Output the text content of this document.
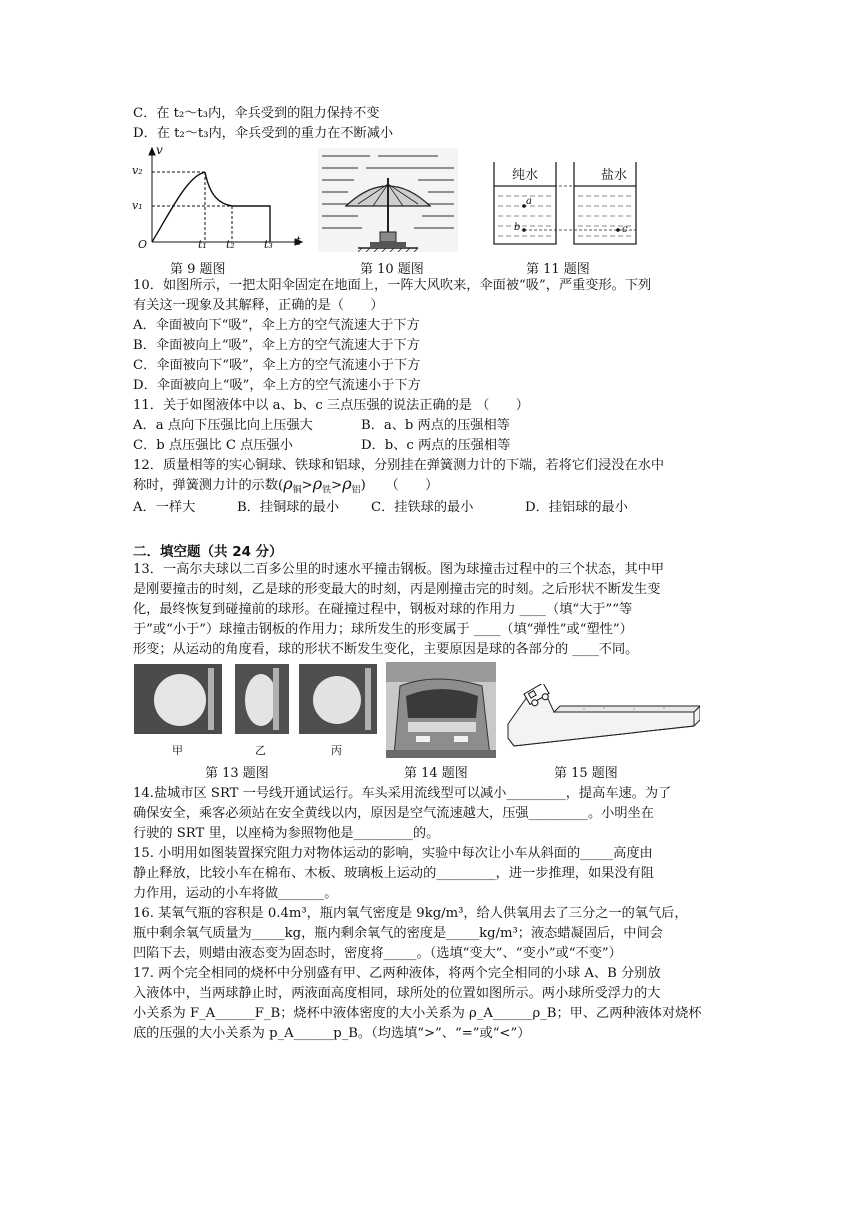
C．在 t₂～t₃内，伞兵受到的阻力保持不变
D．在 t₂～t₃内，伞兵受到的重力在不断减小
v
v₂
v₁
O	t₁ t₂	t₃ t
第 9 题图	第 10 题图
纯水	盐水
a
b	c
第 11 题图
10．如图所示，一把太阳伞固定在地面上，一阵大风吹来，伞面被“吸”，严重变形。下列
有关这一现象及其解释，正确的是（　　）
A．伞面被向下“吸”，伞上方的空气流速大于下方
B．伞面被向上“吸”，伞上方的空气流速大于下方
C．伞面被向下“吸”，伞上方的空气流速小于下方
D．伞面被向上“吸”，伞上方的空气流速小于下方
11．关于如图液体中以 a、b、c 三点压强的说法正确的是 （　　）
A．a 点向下压强比向上压强大	B．a、b 两点的压强相等
C．b 点压强比 C 点压强小	D．b、c 两点的压强相等
12．质量相等的实心铜球、铁球和铝球，分别挂在弹簧测力计的下端，若将它们浸没在水中
称时，弹簧测力计的示数$(\rho_铜>\rho_铁>\rho_铝)$　　（　　）
A．一样大	B．挂铜球的最小 C．挂铁球的最小	D．挂铝球的最小
二．填空题（共 24 分）
13．一高尔夫球以二百多公里的时速水平撞击钢板。图为球撞击过程中的三个状态，其中甲
是刚要撞击的时刻，乙是球的形变最大的时刻，丙是刚撞击完的时刻。之后形状不断发生变
化，最终恢复到碰撞前的球形。在碰撞过程中，钢板对球的作用力 ____（填“大于”“等
于”或“小于”）球撞击钢板的作用力；球所发生的形变属于 ____（填“弹性”或“塑性”）
形变；从运动的角度看，球的形状不断发生变化，主要原因是球的各部分的 ____不同。
甲	乙	丙
第 13 题图	第 14 题图	第 15 题图
14.盐城市区 SRT 一号线开通试运行。车头采用流线型可以减小_________，提高车速。为了
确保安全，乘客必须站在安全黄线以内，原因是空气流速越大，压强_________。小明坐在
行驶的 SRT 里，以座椅为参照物他是_________的。
15. 小明用如图装置探究阻力对物体运动的影响，实验中每次让小车从斜面的_____高度由
静止释放，比较小车在棉布、木板、玻璃板上运动的_________，进一步推理，如果没有阻
力作用，运动的小车将做_______。
16. 某氧气瓶的容积是 0.4m³，瓶内氧气密度是 9kg/m³，给人供氧用去了三分之一的氧气后，
瓶中剩余氧气质量为_____kg，瓶内剩余氧气的密度是_____kg/m³；液态蜡凝固后，中间会
凹陷下去，则蜡由液态变为固态时，密度将_____。（选填“变大”、“变小”或“不变”）
17. 两个完全相同的烧杯中分别盛有甲、乙两种液体，将两个完全相同的小球 A、B 分别放
入液体中，当两球静止时，两液面高度相同，球所处的位置如图所示。两小球所受浮力的大
小关系为 F_A______F_B；烧杯中液体密度的大小关系为 ρ_A______ρ_B；甲、乙两种液体对烧杯
底的压强的大小关系为 p_A______p_B。（均选填“>”、“=”或“<”）
